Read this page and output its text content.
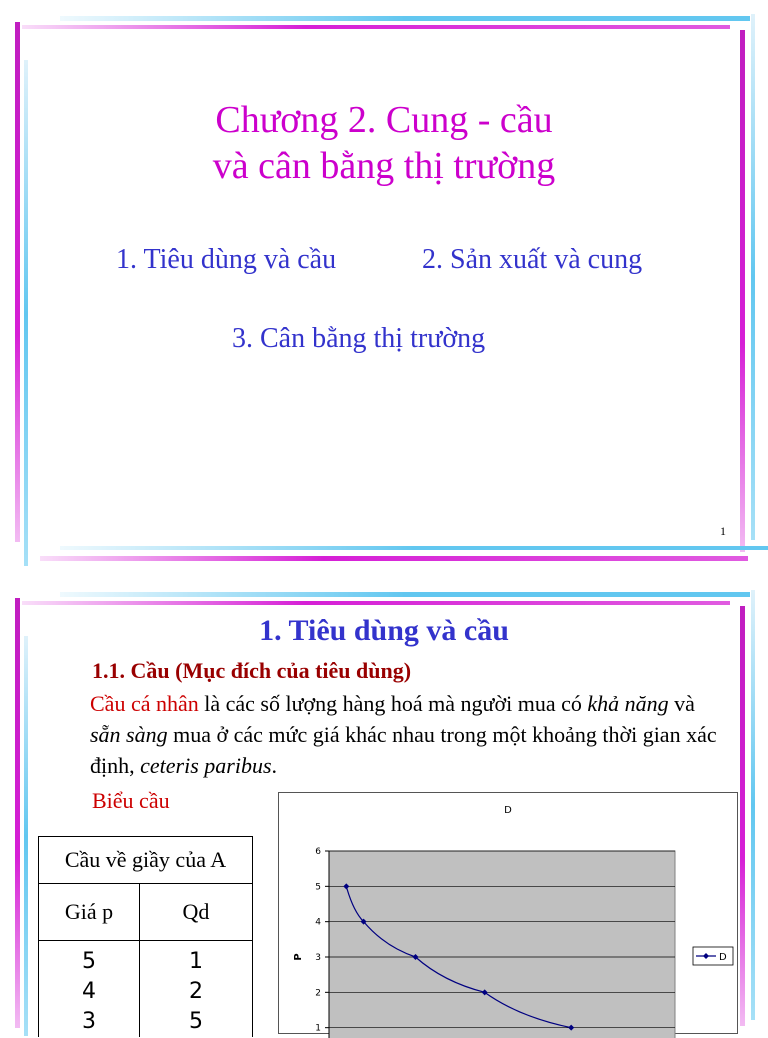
Chương 2. Cung - cầu
và cân bằng thị trường
1. Tiêu dùng và cầu	2. Sản xuất và cung
3. Cân bằng thị trường
1
1. Tiêu dùng và cầu
1.1. Cầu (Mục đích của tiêu dùng)
Cầu cá nhân là các số lượng hàng hoá mà người mua có khả năng và sẵn sàng mua ở các mức giá khác nhau trong một khoảng thời gian xác định, ceteris paribus.
Biểu cầu
Cầu về giầy của A	
Giá p	Qd
5	1
4	2
3	5
D
6
5
4
3
2
1
P	D
